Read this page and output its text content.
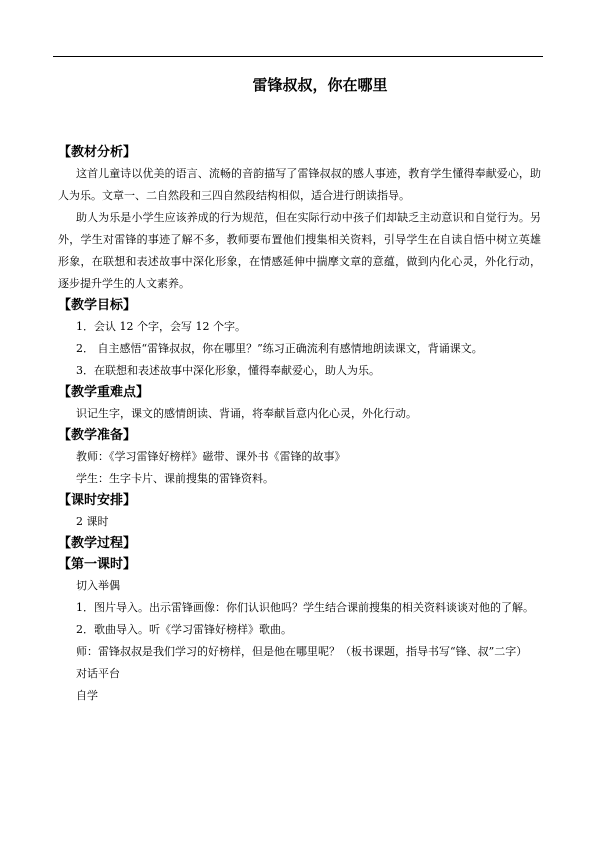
雷锋叔叔，你在哪里
【教材分析】
这首儿童诗以优美的语言、流畅的音韵描写了雷锋叔叔的感人事迹，教育学生懂得奉献爱心，助人为乐。文章一、二自然段和三四自然段结构相似，适合进行朗读指导。
助人为乐是小学生应该养成的行为规范，但在实际行动中孩子们却缺乏主动意识和自觉行为。另外，学生对雷锋的事迹了解不多，教师要布置他们搜集相关资料，引导学生在自读自悟中树立英雄形象，在联想和表述故事中深化形象，在情感延伸中揣摩文章的意蕴，做到内化心灵，外化行动，逐步提升学生的人文素养。
【教学目标】
1．会认 12 个字，会写 12 个字。
2． 自主感悟“雷锋叔叔，你在哪里？”练习正确流利有感情地朗读课文，背诵课文。
3．在联想和表述故事中深化形象，懂得奉献爱心，助人为乐。
【教学重难点】
识记生字，课文的感情朗读、背诵，将奉献旨意内化心灵，外化行动。
【教学准备】
教师：《学习雷锋好榜样》磁带、课外书《雷锋的故事》
学生：生字卡片、课前搜集的雷锋资料。
【课时安排】
2 课时
【教学过程】
【第一课时】
切入举偶
1．图片导入。出示雷锋画像：你们认识他吗？学生结合课前搜集的相关资料谈谈对他的了解。
2．歌曲导入。听《学习雷锋好榜样》歌曲。
师：雷锋叔叔是我们学习的好榜样，但是他在哪里呢？（板书课题，指导书写“锋、叔”二字）
对话平台
自学
